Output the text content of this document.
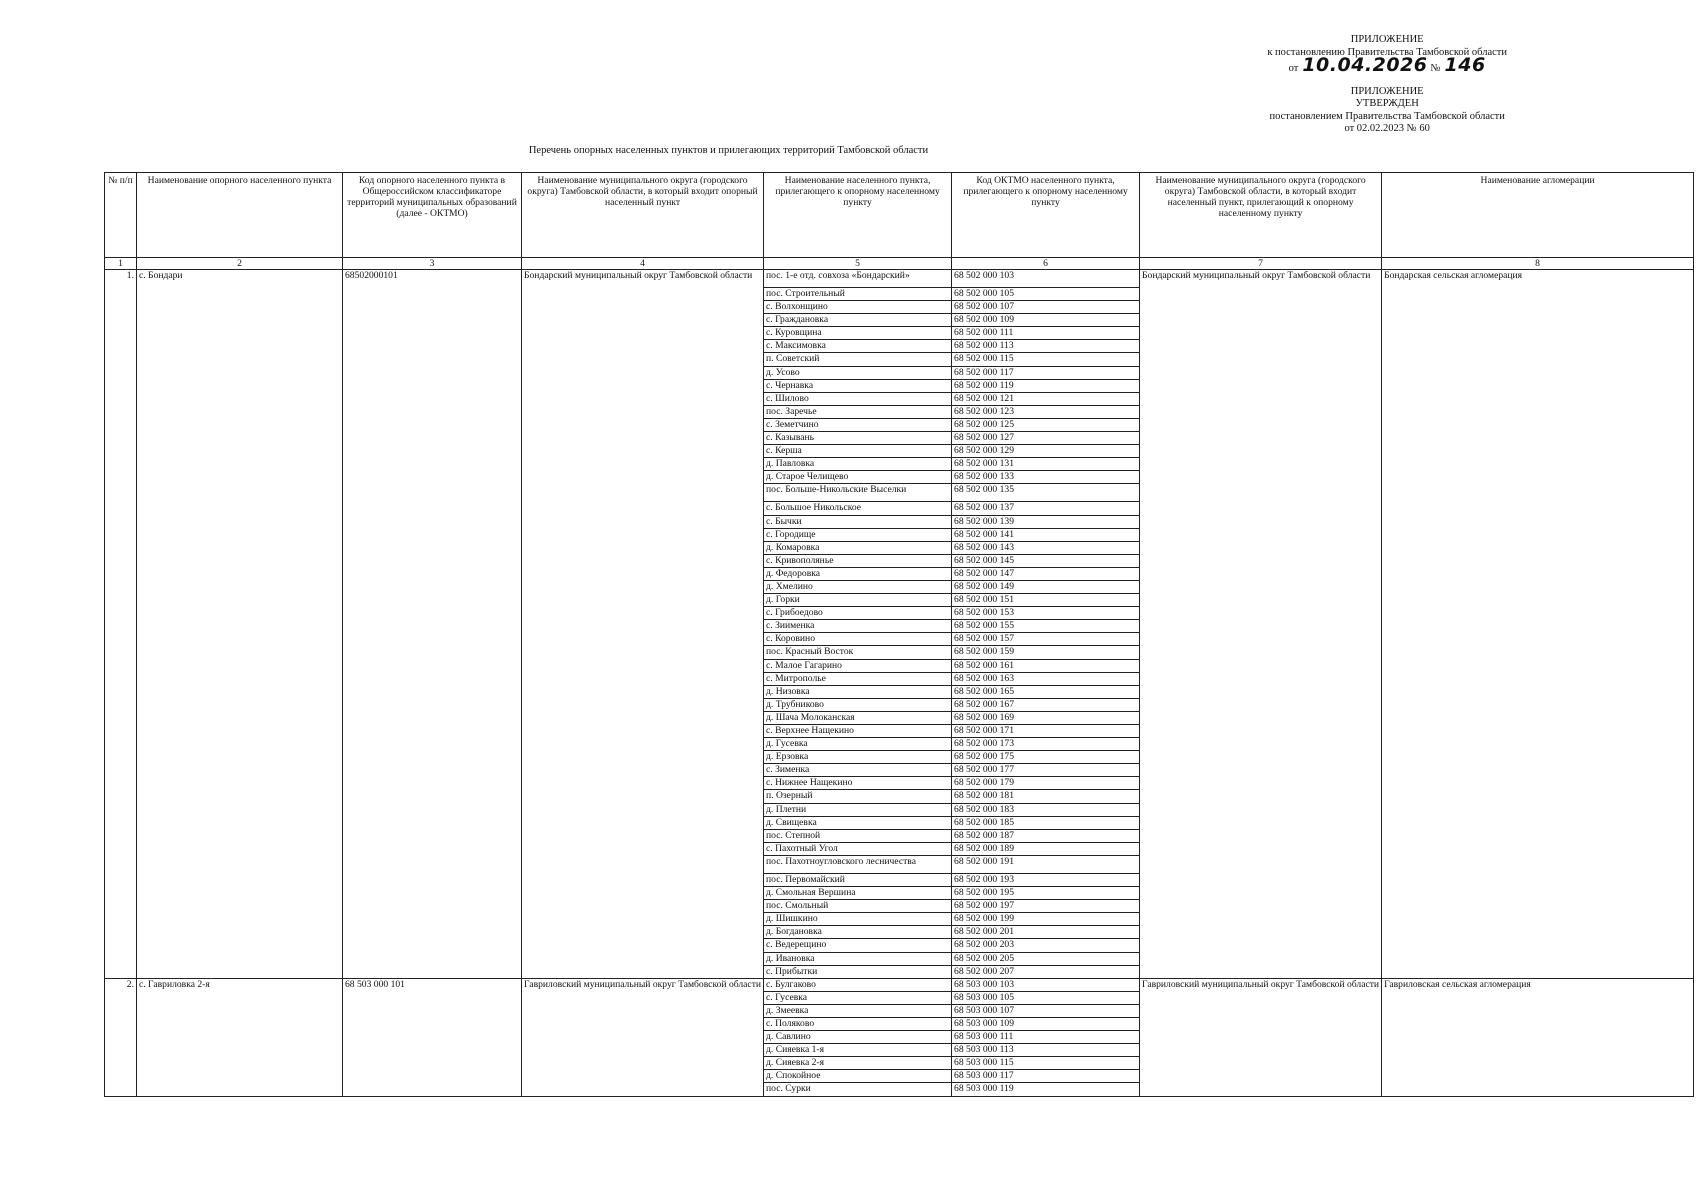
ПРИЛОЖЕНИЕ
к постановлению Правительства Тамбовской области
от 10.04.2026 № 146
ПРИЛОЖЕНИЕ
УТВЕРЖДЕН
постановлением Правительства Тамбовской области
от 02.02.2023 № 60
Перечень опорных населенных пунктов и прилегающих территорий Тамбовской области
№ п/п	Наименование опорного населенного пункта	Код опорного населенного пункта в Общероссийском классификаторе территорий муниципальных образований (далее - ОКТМО)	Наименование муниципального округа (городского округа) Тамбовской области, в который входит опорный населенный пункт	Наименование населенного пункта, прилегающего к опорному населенному пункту	Код ОКТМО населенного пункта, прилегающего к опорному населенному пункту	Наименование муниципального округа (городского округа) Тамбовской области, в который входит населенный пункт, прилегающий к опорному населенному пункту	Наименование агломерации
1	2	3	4	5	6	7	8
1.	с. Бондари	68502000101	Бондарский муниципальный округ Тамбовской области	пос. 1-е отд. совхоза «Бондарский»	68 502 000 103	Бондарский муниципальный округ Тамбовской области	Бондарская сельская агломерация
				пос. Строительный	68 502 000 105		
				с. Волхонщино	68 502 000 107		
				с. Граждановка	68 502 000 109		
				с. Куровщина	68 502 000 111		
				с. Максимовка	68 502 000 113		
				п. Советский	68 502 000 115		
				д. Усово	68 502 000 117		
				с. Чернавка	68 502 000 119		
				с. Шилово	68 502 000 121		
				пос. Заречье	68 502 000 123		
				с. Земетчино	68 502 000 125		
				с. Казывань	68 502 000 127		
				с. Керша	68 502 000 129		
				д. Павловка	68 502 000 131		
				д. Старое Челищево	68 502 000 133		
				пос. Больше-Никольские Выселки	68 502 000 135		
				с. Большое Никольское	68 502 000 137		
				с. Бычки	68 502 000 139		
				с. Городище	68 502 000 141		
				д. Комаровка	68 502 000 143		
				с. Кривополянье	68 502 000 145		
				д. Федоровка	68 502 000 147		
				д. Хмелино	68 502 000 149		
				д. Горки	68 502 000 151		
				с. Грибоедово	68 502 000 153		
				с. Зиименка	68 502 000 155		
				с. Коровино	68 502 000 157		
				пос. Красный Восток	68 502 000 159		
				с. Малое Гагарино	68 502 000 161		
				с. Митрополье	68 502 000 163		
				д. Низовка	68 502 000 165		
				д. Трубниково	68 502 000 167		
				д. Шача Молоканская	68 502 000 169		
				с. Верхнее Нащекино	68 502 000 171		
				д. Гусевка	68 502 000 173		
				д. Ерзовка	68 502 000 175		
				с. Зименка	68 502 000 177		
				с. Нижнее Нащекино	68 502 000 179		
				п. Озерный	68 502 000 181		
				д. Плетни	68 502 000 183		
				д. Свищевка	68 502 000 185		
				пос. Степной	68 502 000 187		
				с. Пахотный Угол	68 502 000 189		
				пос. Пахотноугловского лесничества	68 502 000 191		
				пос. Первомайский	68 502 000 193		
				д. Смольная Вершина	68 502 000 195		
				пос. Смольный	68 502 000 197		
				д. Шишкино	68 502 000 199		
				д. Богдановка	68 502 000 201		
				с. Ведерещино	68 502 000 203		
				д. Ивановка	68 502 000 205		
				с. Прибытки	68 502 000 207		
2.	с. Гавриловка 2-я	68 503 000 101	Гавриловский муниципальный округ Тамбовской области	с. Булгаково	68 503 000 103	Гавриловский муниципальный округ Тамбовской области	Гавриловская сельская агломерация
				с. Гусевка	68 503 000 105		
				д. Змеевка	68 503 000 107		
				с. Поляково	68 503 000 109		
				д. Савлино	68 503 000 111		
				д. Сияевка 1-я	68 503 000 113		
				д. Сияевка 2-я	68 503 000 115		
				д. Спокойное	68 503 000 117		
				пос. Сурки	68 503 000 119		
